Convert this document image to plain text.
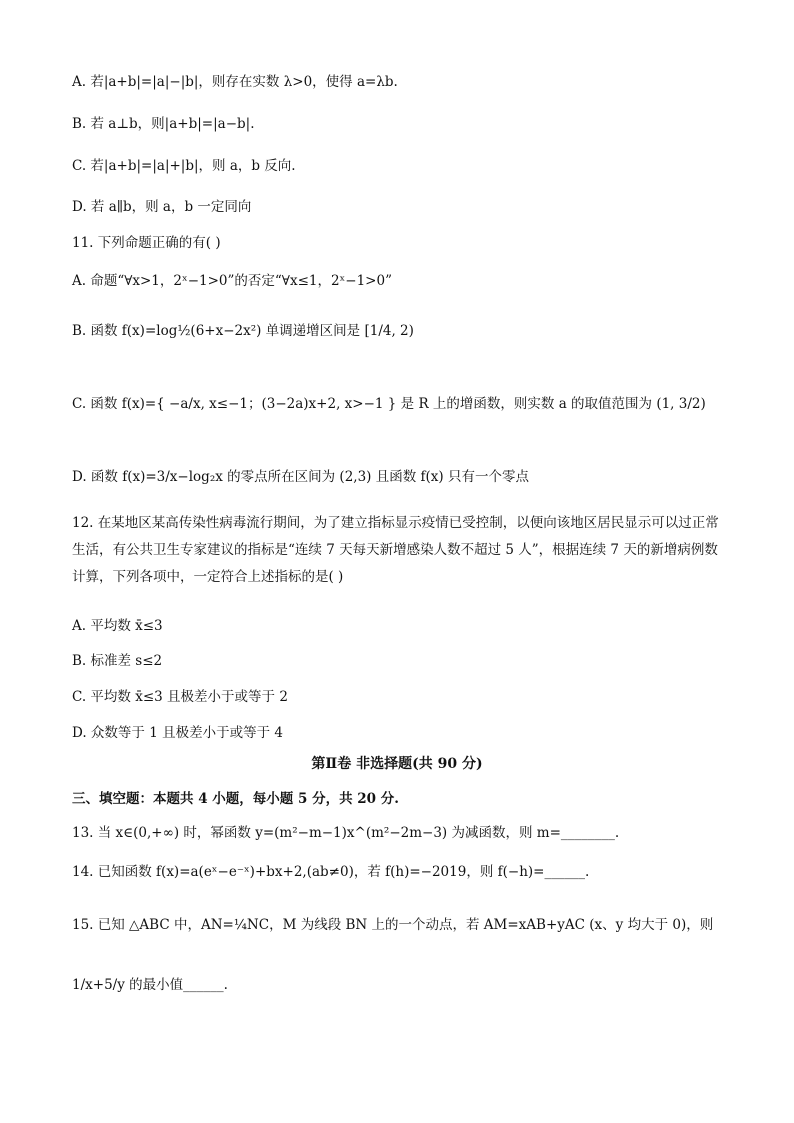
A. 若|a+b|=|a|−|b|，则存在实数 λ>0，使得 a=λb.
B. 若 a⊥b，则|a+b|=|a−b|.
C. 若|a+b|=|a|+|b|，则 a，b 反向.
D. 若 a∥b，则 a，b 一定同向
11. 下列命题正确的有( )
A. 命题“∀x>1，2ˣ−1>0”的否定“∀x≤1，2ˣ−1>0”
B. 函数 f(x)=log½(6+x−2x²) 单调递增区间是 [1/4, 2)
C. 函数 f(x)={ −a/x, x≤−1；(3−2a)x+2, x>−1 } 是 R 上的增函数，则实数 a 的取值范围为 (1, 3/2)
D. 函数 f(x)=3/x−log₂x 的零点所在区间为 (2,3) 且函数 f(x) 只有一个零点
12. 在某地区某高传染性病毒流行期间，为了建立指标显示疫情已受控制，以便向该地区居民显示可以过正常生活，有公共卫生专家建议的指标是“连续 7 天每天新增感染人数不超过 5 人”，根据连续 7 天的新增病例数计算，下列各项中，一定符合上述指标的是( )
A. 平均数 x̄≤3
B. 标准差 s≤2
C. 平均数 x̄≤3 且极差小于或等于 2
D. 众数等于 1 且极差小于或等于 4
第Ⅱ卷 非选择题(共 90 分)
三、填空题：本题共 4 小题，每小题 5 分，共 20 分.
13. 当 x∈(0,+∞) 时，幂函数 y=(m²−m−1)x^(m²−2m−3) 为减函数，则 m=________.
14. 已知函数 f(x)=a(eˣ−e⁻ˣ)+bx+2,(ab≠0)，若 f(h)=−2019，则 f(−h)=______.
15. 已知 △ABC 中，AN=¼NC，M 为线段 BN 上的一个动点，若 AM=xAB+yAC (x、y 均大于 0)，则
1/x+5/y 的最小值______.
